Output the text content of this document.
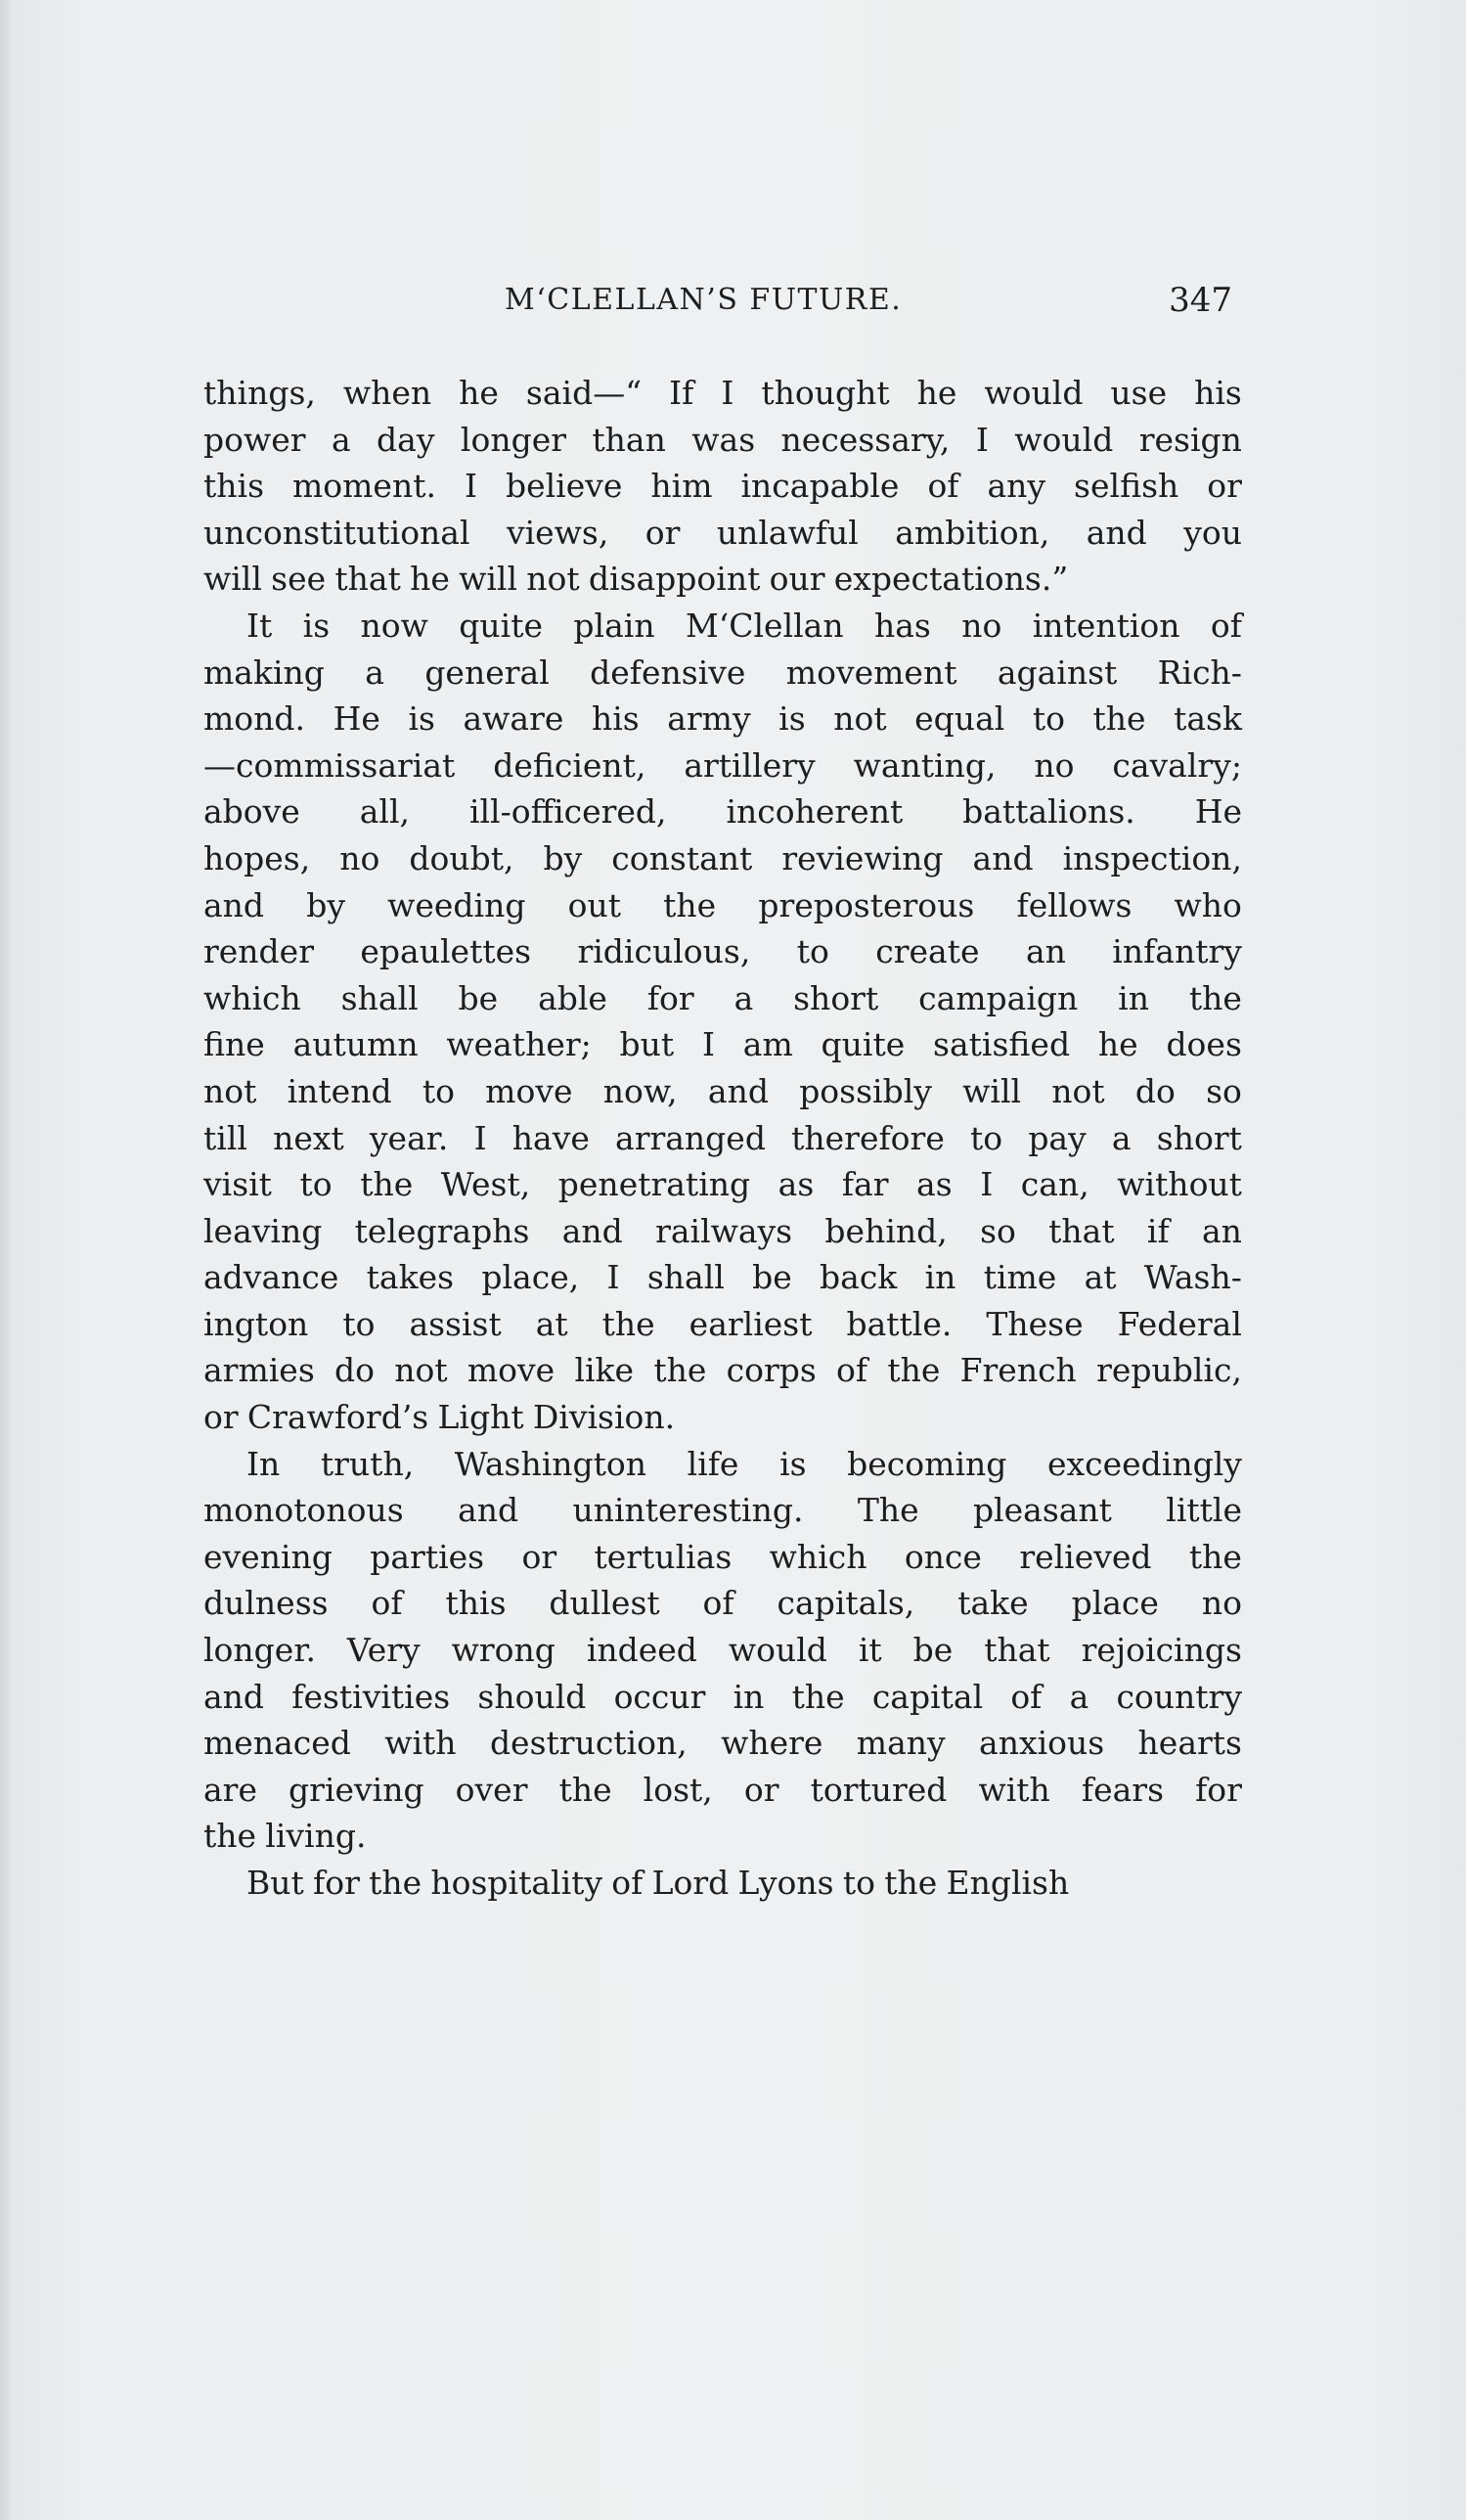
M‘CLELLAN’S FUTURE.	347

things, when he said—“ If I thought he would use his
power a day longer than was necessary, I would resign
this moment. I believe him incapable of any selfish or
unconstitutional views, or unlawful ambition, and you
will see that he will not disappoint our expectations.”

It is now quite plain M‘Clellan has no intention of
making a general defensive movement against Rich-
mond. He is aware his army is not equal to the task
—commissariat deficient, artillery wanting, no cavalry;
above all, ill-officered, incoherent battalions. He
hopes, no doubt, by constant reviewing and inspection,
and by weeding out the preposterous fellows who
render epaulettes ridiculous, to create an infantry
which shall be able for a short campaign in the
fine autumn weather; but I am quite satisfied he does
not intend to move now, and possibly will not do so
till next year. I have arranged therefore to pay a short
visit to the West, penetrating as far as I can, without
leaving telegraphs and railways behind, so that if an
advance takes place, I shall be back in time at Wash-
ington to assist at the earliest battle. These Federal
armies do not move like the corps of the French republic,
or Crawford’s Light Division.

In truth, Washington life is becoming exceedingly
monotonous and uninteresting. The pleasant little
evening parties or tertulias which once relieved the
dulness of this dullest of capitals, take place no
longer. Very wrong indeed would it be that rejoicings
and festivities should occur in the capital of a country
menaced with destruction, where many anxious hearts
are grieving over the lost, or tortured with fears for
the living.

But for the hospitality of Lord Lyons to the English
